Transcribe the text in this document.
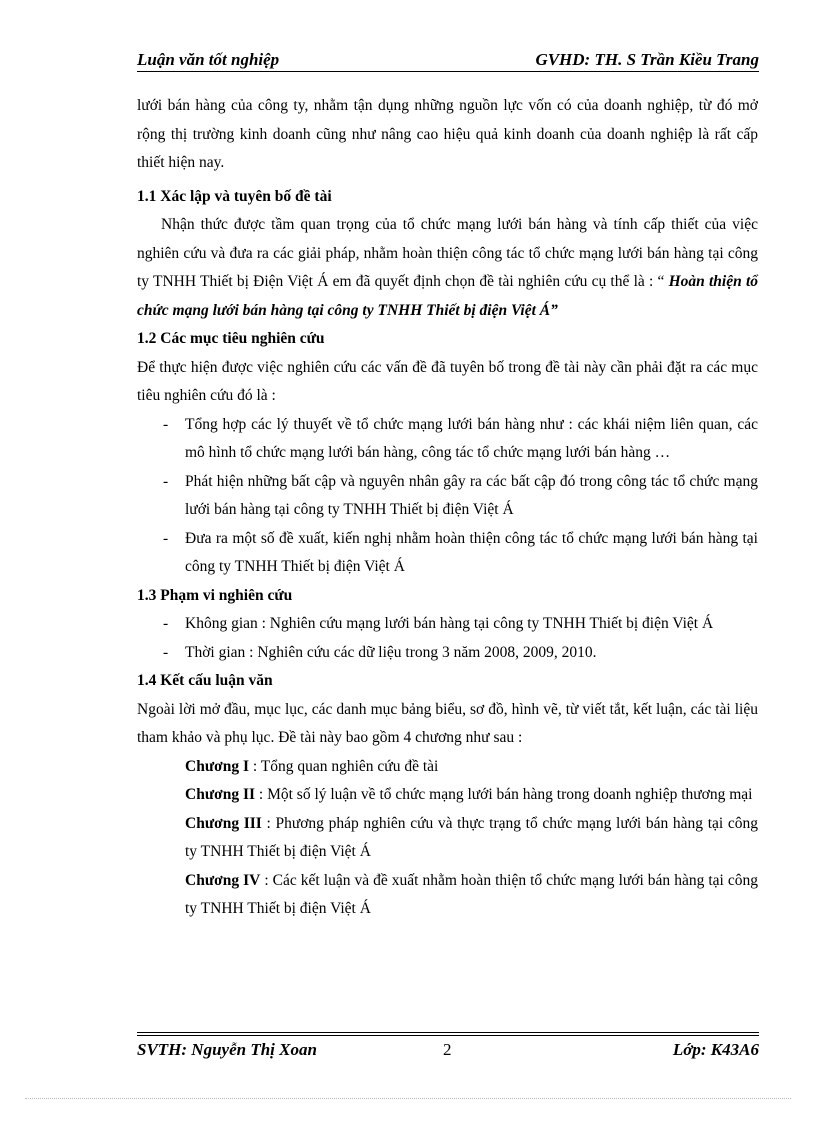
Luận văn tốt nghiệp	GVHD: TH. S Trần Kiều Trang

lưới bán hàng của công ty, nhằm tận dụng những nguồn lực vốn có của doanh nghiệp, từ đó mở rộng thị trường kinh doanh cũng như nâng cao hiệu quả kinh doanh của doanh nghiệp là rất cấp thiết hiện nay.

1.1 Xác lập và tuyên bố đề tài

Nhận thức được tầm quan trọng của tổ chức mạng lưới bán hàng và tính cấp thiết của việc nghiên cứu và đưa ra các giải pháp, nhằm hoàn thiện công tác tổ chức mạng lưới bán hàng tại công ty TNHH Thiết bị Điện Việt Á em đã quyết định chọn đề tài nghiên cứu cụ thể là : “ Hoàn thiện tổ chức mạng lưới bán hàng tại công ty TNHH Thiết bị điện Việt Á”

1.2 Các mục tiêu nghiên cứu

Để thực hiện được việc nghiên cứu các vấn đề đã tuyên bố trong đề tài này cần phải đặt ra các mục tiêu nghiên cứu đó là :

- Tổng hợp các lý thuyết về tổ chức mạng lưới bán hàng như : các khái niệm liên quan, các mô hình tổ chức mạng lưới bán hàng, công tác tổ chức mạng lưới bán hàng …
- Phát hiện những bất cập và nguyên nhân gây ra các bất cập đó trong công tác tổ chức mạng lưới bán hàng tại công ty TNHH Thiết bị điện Việt Á
- Đưa ra một số đề xuất, kiến nghị nhằm hoàn thiện công tác tổ chức mạng lưới bán hàng tại công ty TNHH Thiết bị điện Việt Á

1.3 Phạm vi nghiên cứu

- Không gian : Nghiên cứu mạng lưới bán hàng tại công ty TNHH Thiết bị điện Việt Á
- Thời gian : Nghiên cứu các dữ liệu trong 3 năm 2008, 2009, 2010.

1.4 Kết cấu luận văn

Ngoài lời mở đầu, mục lục, các danh mục bảng biểu, sơ đồ, hình vẽ, từ viết tắt, kết luận, các tài liệu tham khảo và phụ lục. Đề tài này bao gồm 4 chương như sau :

Chương I : Tổng quan nghiên cứu đề tài

Chương II : Một số lý luận về tổ chức mạng lưới bán hàng trong doanh nghiệp thương mại

Chương III : Phương pháp nghiên cứu và thực trạng tổ chức mạng lưới bán hàng tại công ty TNHH Thiết bị điện Việt Á

Chương IV : Các kết luận và đề xuất nhằm hoàn thiện tổ chức mạng lưới bán hàng tại công ty TNHH Thiết bị điện Việt Á

SVTH: Nguyễn Thị Xoan	2	Lớp: K43A6
